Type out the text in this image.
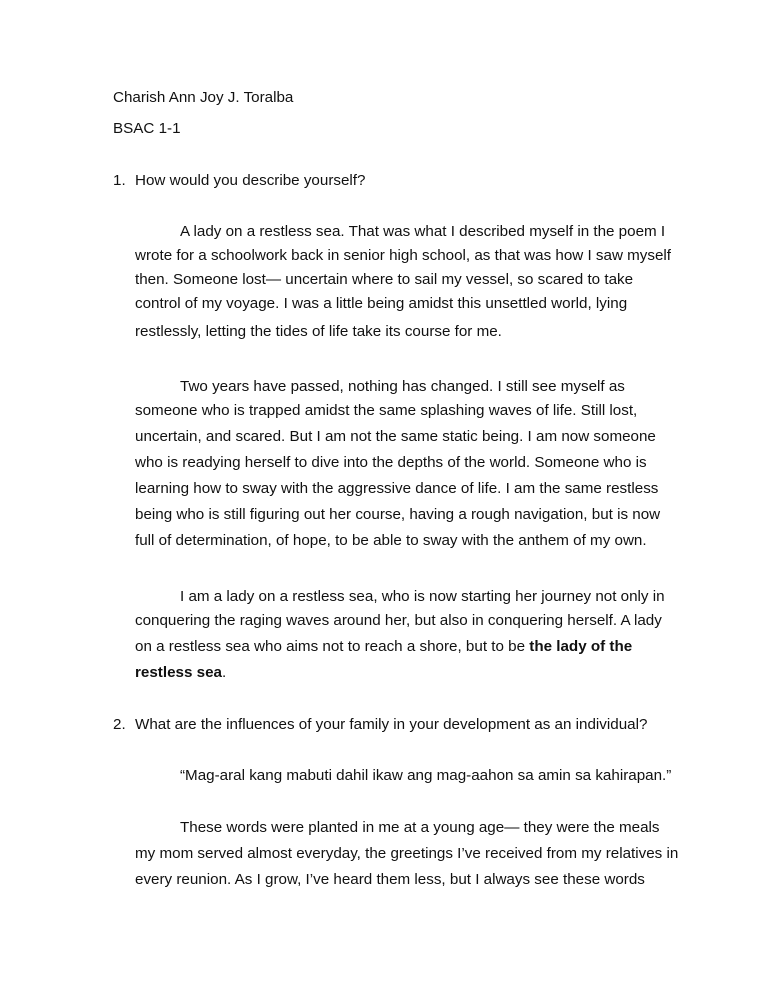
Charish Ann Joy J. Toralba
BSAC 1-1
1. How would you describe yourself?
A lady on a restless sea. That was what I described myself in the poem I
wrote for a schoolwork back in senior high school, as that was how I saw myself
then. Someone lost— uncertain where to sail my vessel, so scared to take
control of my voyage. I was a little being amidst this unsettled world, lying
restlessly, letting the tides of life take its course for me.
Two years have passed, nothing has changed. I still see myself as
someone who is trapped amidst the same splashing waves of life. Still lost,
uncertain, and scared. But I am not the same static being. I am now someone
who is readying herself to dive into the depths of the world. Someone who is
learning how to sway with the aggressive dance of life. I am the same restless
being who is still figuring out her course, having a rough navigation, but is now
full of determination, of hope, to be able to sway with the anthem of my own.
I am a lady on a restless sea, who is now starting her journey not only in
conquering the raging waves around her, but also in conquering herself. A lady
on a restless sea who aims not to reach a shore, but to be the lady of the
restless sea.
2. What are the influences of your family in your development as an individual?
“Mag-aral kang mabuti dahil ikaw ang mag-aahon sa amin sa kahirapan.”
These words were planted in me at a young age— they were the meals
my mom served almost everyday, the greetings I’ve received from my relatives in
every reunion. As I grow, I’ve heard them less, but I always see these words
